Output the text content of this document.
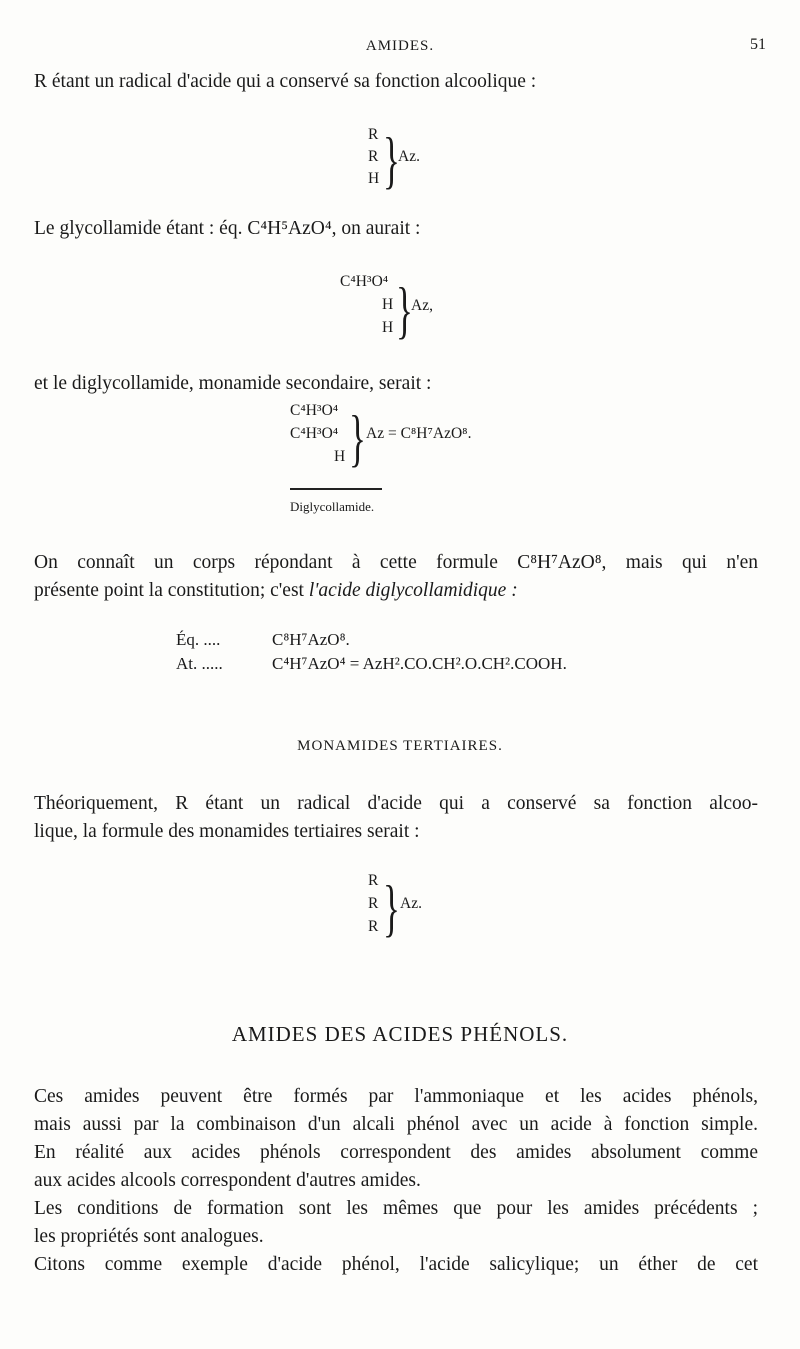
AMIDES.	51
R étant un radical d'acide qui a conservé sa fonction alcoolique :
R
R
H }
Az.
Le glycollamide étant : éq. C⁴H⁵AzO⁴, on aurait :
C⁴H³O⁴
H
H }
Az,
et le diglycollamide, monamide secondaire, serait :
C⁴H³O⁴
C⁴H³O⁴
H } Az = C⁸H⁷AzO⁸.
Diglycollamide.
On connaît un corps répondant à cette formule C⁸H⁷AzO⁸, mais qui n'en
présente point la constitution; c'est l'acide diglycollamidique :
Éq. ....	C⁸H⁷AzO⁸.
At. .....	C⁴H⁷AzO⁴ = AzH².CO.CH².O.CH².COOH.
MONAMIDES TERTIAIRES.
Théoriquement, R étant un radical d'acide qui a conservé sa fonction alcoo-
lique, la formule des monamides tertiaires serait :
R
R
R } Az.
AMIDES DES ACIDES PHÉNOLS.
Ces amides peuvent être formés par l'ammoniaque et les acides phénols,
mais aussi par la combinaison d'un alcali phénol avec un acide à fonction simple.
En réalité aux acides phénols correspondent des amides absolument comme
aux acides alcools correspondent d'autres amides.
Les conditions de formation sont les mêmes que pour les amides précédents ;
les propriétés sont analogues.
Citons comme exemple d'acide phénol, l'acide salicylique; un éther de cet
